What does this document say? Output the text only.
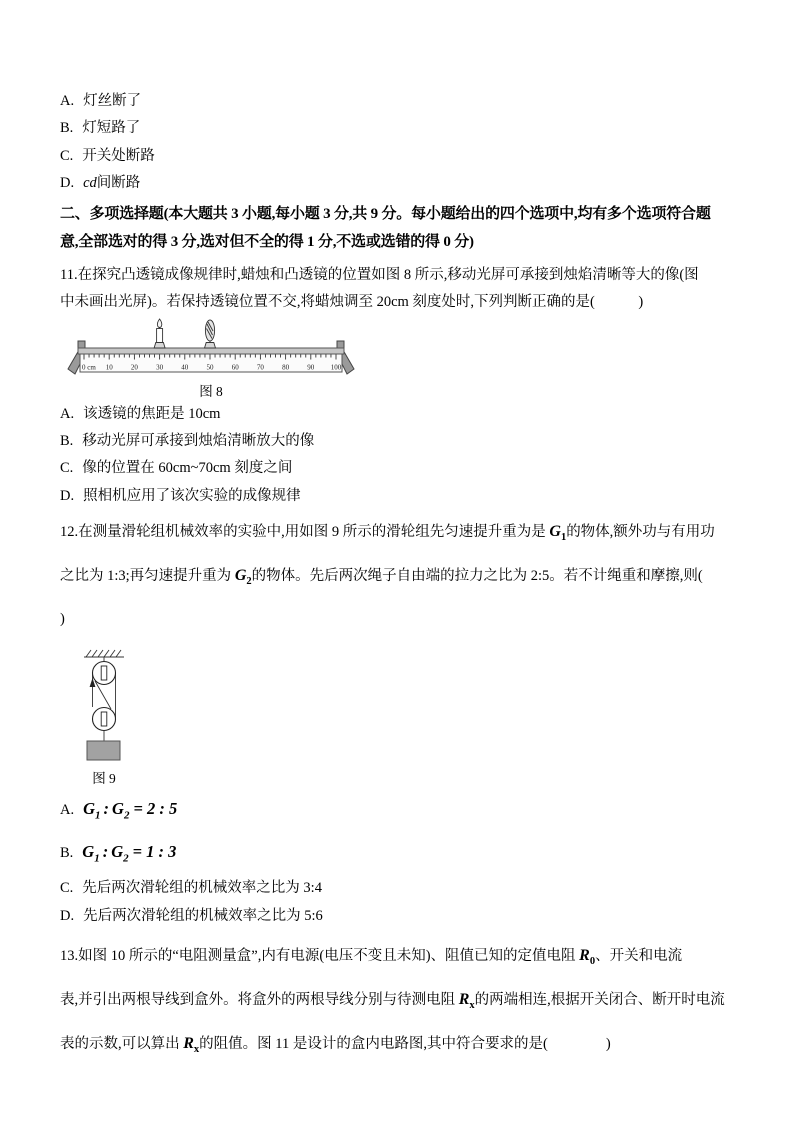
A. 灯丝断了
B. 灯短路了
C. 开关处断路
D. cd间断路
二、多项选择题(本大题共 3 小题,每小题 3 分,共 9 分。每小题给出的四个选项中,均有多个选项符合题
意,全部选对的得 3 分,选对但不全的得 1 分,不选或选错的得 0 分)
11.在探究凸透镜成像规律时,蜡烛和凸透镜的位置如图 8 所示,移动光屏可承接到烛焰清晰等大的像(图
中未画出光屏)。若保持透镜位置不交,将蜡烛调至 20cm 刻度处时,下列判断正确的是(　　　)
0 cm 10	20	30	40	50	60	70	80	90 100
图 8
A. 该透镜的焦距是 10cm
B. 移动光屏可承接到烛焰清晰放大的像
C. 像的位置在 60cm~70cm 刻度之间
D. 照相机应用了该次实验的成像规律
12.在测量滑轮组机械效率的实验中,用如图 9 所示的滑轮组先匀速提升重为是 $G_1$的物体,额外功与有用功
之比为 1:3;再匀速提升重为 $G_2$的物体。先后两次绳子自由端的拉力之比为 2:5。若不计绳重和摩擦,则(
)
图 9
A. $G_1$ : $G_2 = 2$ : 5
B. $G_1$ : $G_2 = 1$ : 3
C. 先后两次滑轮组的机械效率之比为 3:4
D. 先后两次滑轮组的机械效率之比为 5:6
13.如图 10 所示的“电阻测量盒”,内有电源(电压不变且未知)、阻值已知的定值电阻 $R_0$、开关和电流
表,并引出两根导线到盒外。将盒外的两根导线分别与待测电阻 $R_x$的两端相连,根据开关闭合、断开时电流
表的示数,可以算出 $R_x$的阻值。图 11 是设计的盒内电路图,其中符合要求的是(　　　　)
